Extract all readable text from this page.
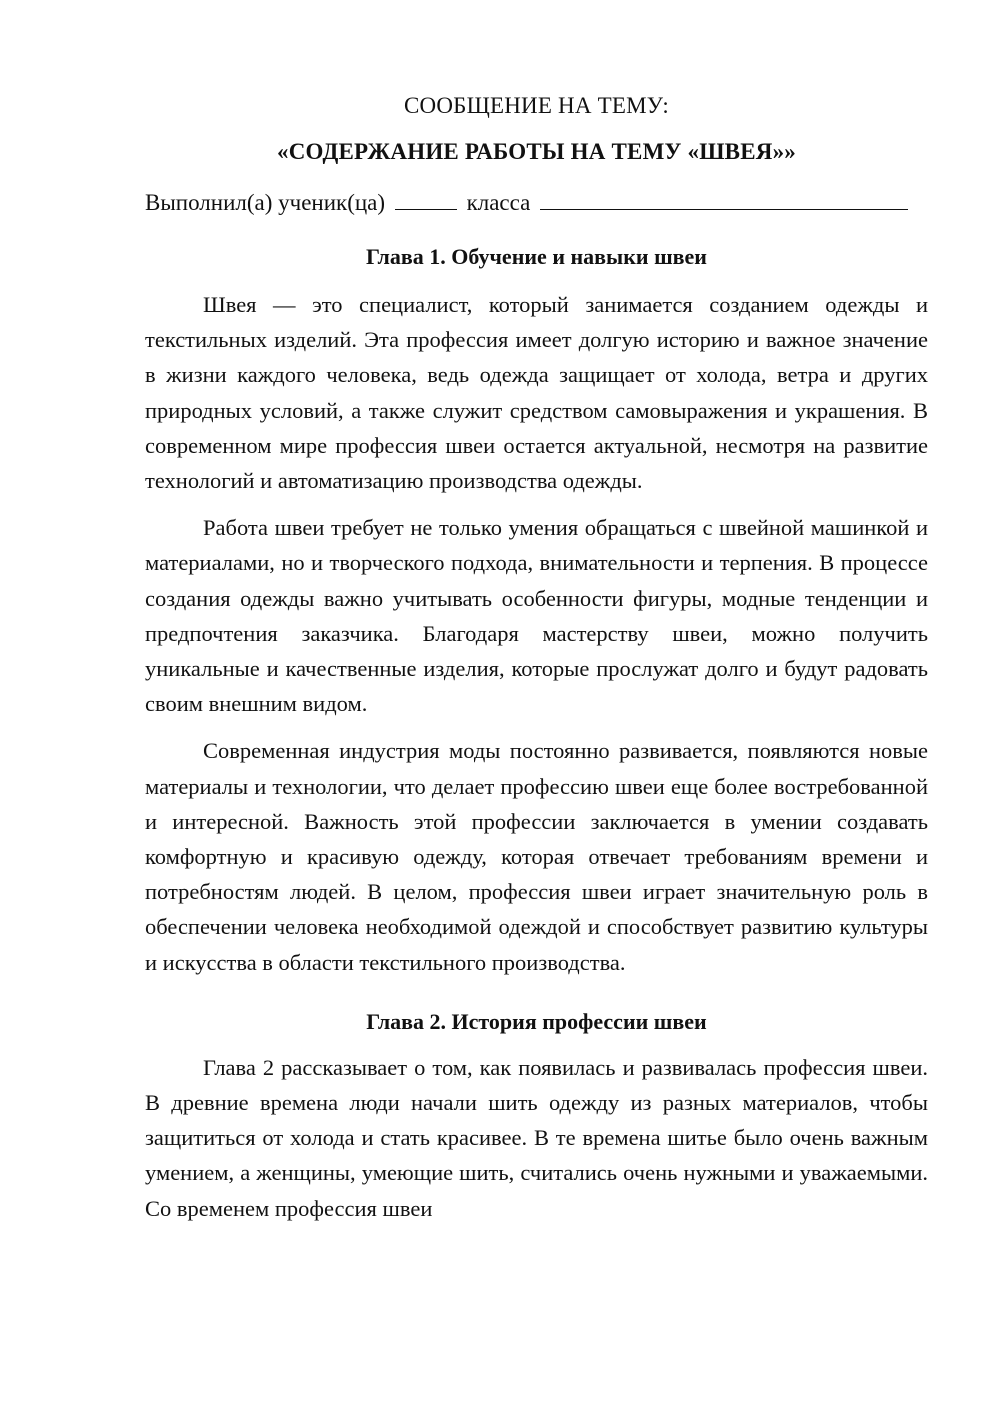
СООБЩЕНИЕ НА ТЕМУ:
«СОДЕРЖАНИЕ РАБОТЫ НА ТЕМУ «ШВЕЯ»»
Выполнил(а) ученик(ца)	класса
Глава 1. Обучение и навыки швеи

Швея — это специалист, который занимается созданием одежды и текстильных изделий. Эта профессия имеет долгую историю и важное значение в жизни каждого человека, ведь одежда защищает от холода, ветра и других природных условий, а также служит средством самовыражения и украшения. В современном мире профессия швеи остается актуальной, несмотря на развитие технологий и автоматизацию производства одежды.

Работа швеи требует не только умения обращаться с швейной машинкой и материалами, но и творческого подхода, внимательности и терпения. В процессе создания одежды важно учитывать особенности фигуры, модные тенденции и предпочтения заказчика. Благодаря мастерству швеи, можно получить уникальные и качественные изделия, которые прослужат долго и будут радовать своим внешним видом.

Современная индустрия моды постоянно развивается, появляются новые материалы и технологии, что делает профессию швеи еще более востребованной и интересной. Важность этой профессии заключается в умении создавать комфортную и красивую одежду, которая отвечает требованиям времени и потребностям людей. В целом, профессия швеи играет значительную роль в обеспечении человека необходимой одеждой и способствует развитию культуры и искусства в области текстильного производства.

Глава 2. История профессии швеи

Глава 2 рассказывает о том, как появилась и развивалась профессия швеи. В древние времена люди начали шить одежду из разных материалов, чтобы защититься от холода и стать красивее. В те времена шитье было очень важным умением, а женщины, умеющие шить, считались очень нужными и уважаемыми. Со временем профессия швеи
